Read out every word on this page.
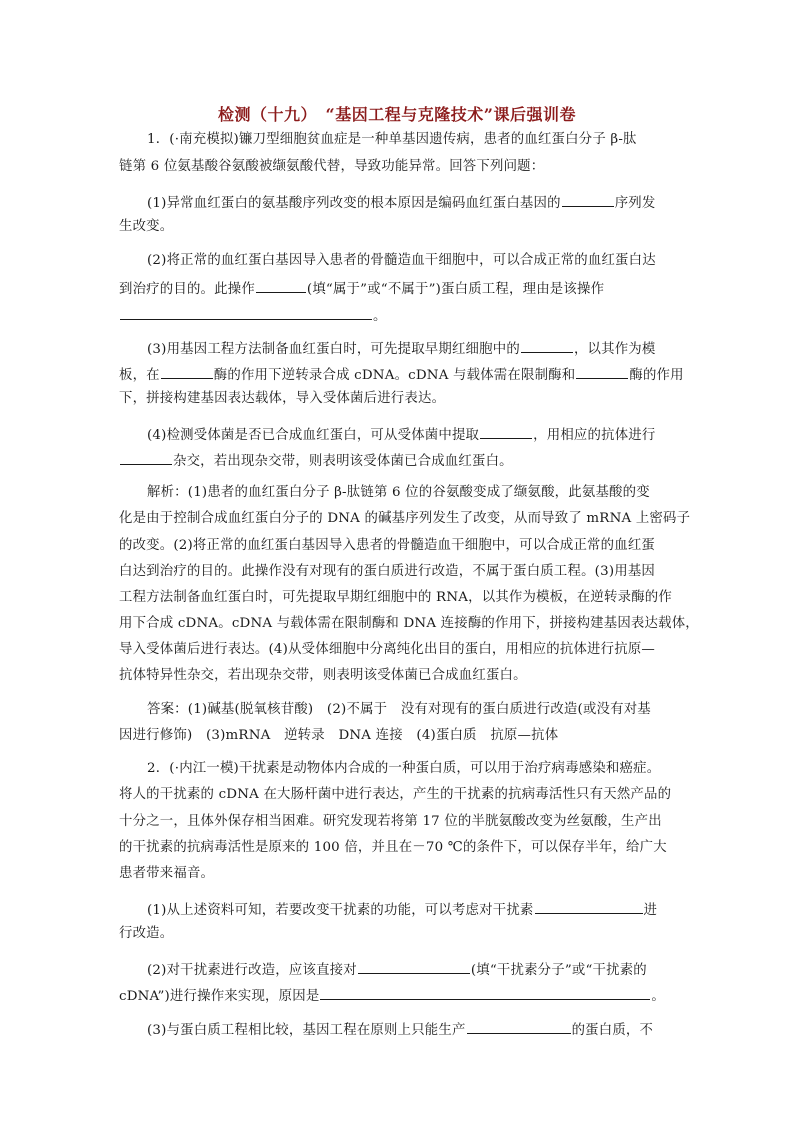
检测（十九）　“基因工程与克隆技术”课后强训卷
1．(·南充模拟)镰刀型细胞贫血症是一种单基因遗传病，患者的血红蛋白分子 β-肽
链第 6 位氨基酸谷氨酸被缬氨酸代替，导致功能异常。回答下列问题：
(1)异常血红蛋白的氨基酸序列改变的根本原因是编码血红蛋白基因的	序列发
生改变。
(2)将正常的血红蛋白基因导入患者的骨髓造血干细胞中，可以合成正常的血红蛋白达
到治疗的目的。此操作	(填“属于”或“不属于”)蛋白质工程，理由是该操作
。
(3)用基因工程方法制备血红蛋白时，可先提取早期红细胞中的	，以其作为模
板，在	酶的作用下逆转录合成 cDNA。cDNA 与载体需在限制酶和	酶的作用
下，拼接构建基因表达载体，导入受体菌后进行表达。
(4)检测受体菌是否已合成血红蛋白，可从受体菌中提取	，用相应的抗体进行
杂交，若出现杂交带，则表明该受体菌已合成血红蛋白。
解析：(1)患者的血红蛋白分子 β-肽链第 6 位的谷氨酸变成了缬氨酸，此氨基酸的变
化是由于控制合成血红蛋白分子的 DNA 的碱基序列发生了改变，从而导致了 mRNA 上密码子
的改变。(2)将正常的血红蛋白基因导入患者的骨髓造血干细胞中，可以合成正常的血红蛋
白达到治疗的目的。此操作没有对现有的蛋白质进行改造，不属于蛋白质工程。(3)用基因
工程方法制备血红蛋白时，可先提取早期红细胞中的 RNA，以其作为模板，在逆转录酶的作
用下合成 cDNA。cDNA 与载体需在限制酶和 DNA 连接酶的作用下，拼接构建基因表达载体，
导入受体菌后进行表达。(4)从受体细胞中分离纯化出目的蛋白，用相应的抗体进行抗原—
抗体特异性杂交，若出现杂交带，则表明该受体菌已合成血红蛋白。
答案：(1)碱基(脱氧核苷酸)　(2)不属于　没有对现有的蛋白质进行改造(或没有对基
因进行修饰)　(3)mRNA　逆转录　DNA 连接　(4)蛋白质　抗原—抗体
2．(·内江一模)干扰素是动物体内合成的一种蛋白质，可以用于治疗病毒感染和癌症。
将人的干扰素的 cDNA 在大肠杆菌中进行表达，产生的干扰素的抗病毒活性只有天然产品的
十分之一，且体外保存相当困难。研究发现若将第 17 位的半胱氨酸改变为丝氨酸，生产出
的干扰素的抗病毒活性是原来的 100 倍，并且在－70 ℃的条件下，可以保存半年，给广大
患者带来福音。
(1)从上述资料可知，若要改变干扰素的功能，可以考虑对干扰素	进
行改造。
(2)对干扰素进行改造，应该直接对	(填“干扰素分子”或“干扰素的
cDNA”)进行操作来实现，原因是	。
(3)与蛋白质工程相比较，基因工程在原则上只能生产	的蛋白质，不
